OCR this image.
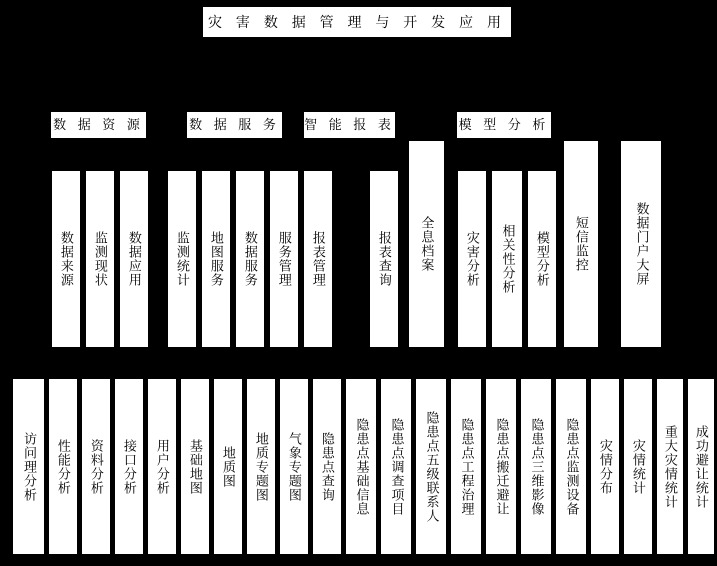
地 质 灾 害 数 据 管 理 与 开 发 应 用 系 统
数 据 资 源	数 据 服 务 智 能 报 表	模 型 分 析
数据来源 监测现状 数据应用	监测统计 地图服务 数据服务 服务管理 报表管理	报表查询 全息档案 灾害分析 相关性分析 模型分析 短信监控	数据门户大屏
访问理分析 性能分析 资料分析 接口分析 用户分析 基础地图 地质图 地质专题图 气象专题图 隐患点查询 隐患点基础信息 隐患点调查项目 隐患点五级联系人 隐患点工程治理 隐患点搬迁避让 隐患点三维影像 隐患点监测设备 灾情分布 灾情统计 重大灾情统计 成功避让统计
